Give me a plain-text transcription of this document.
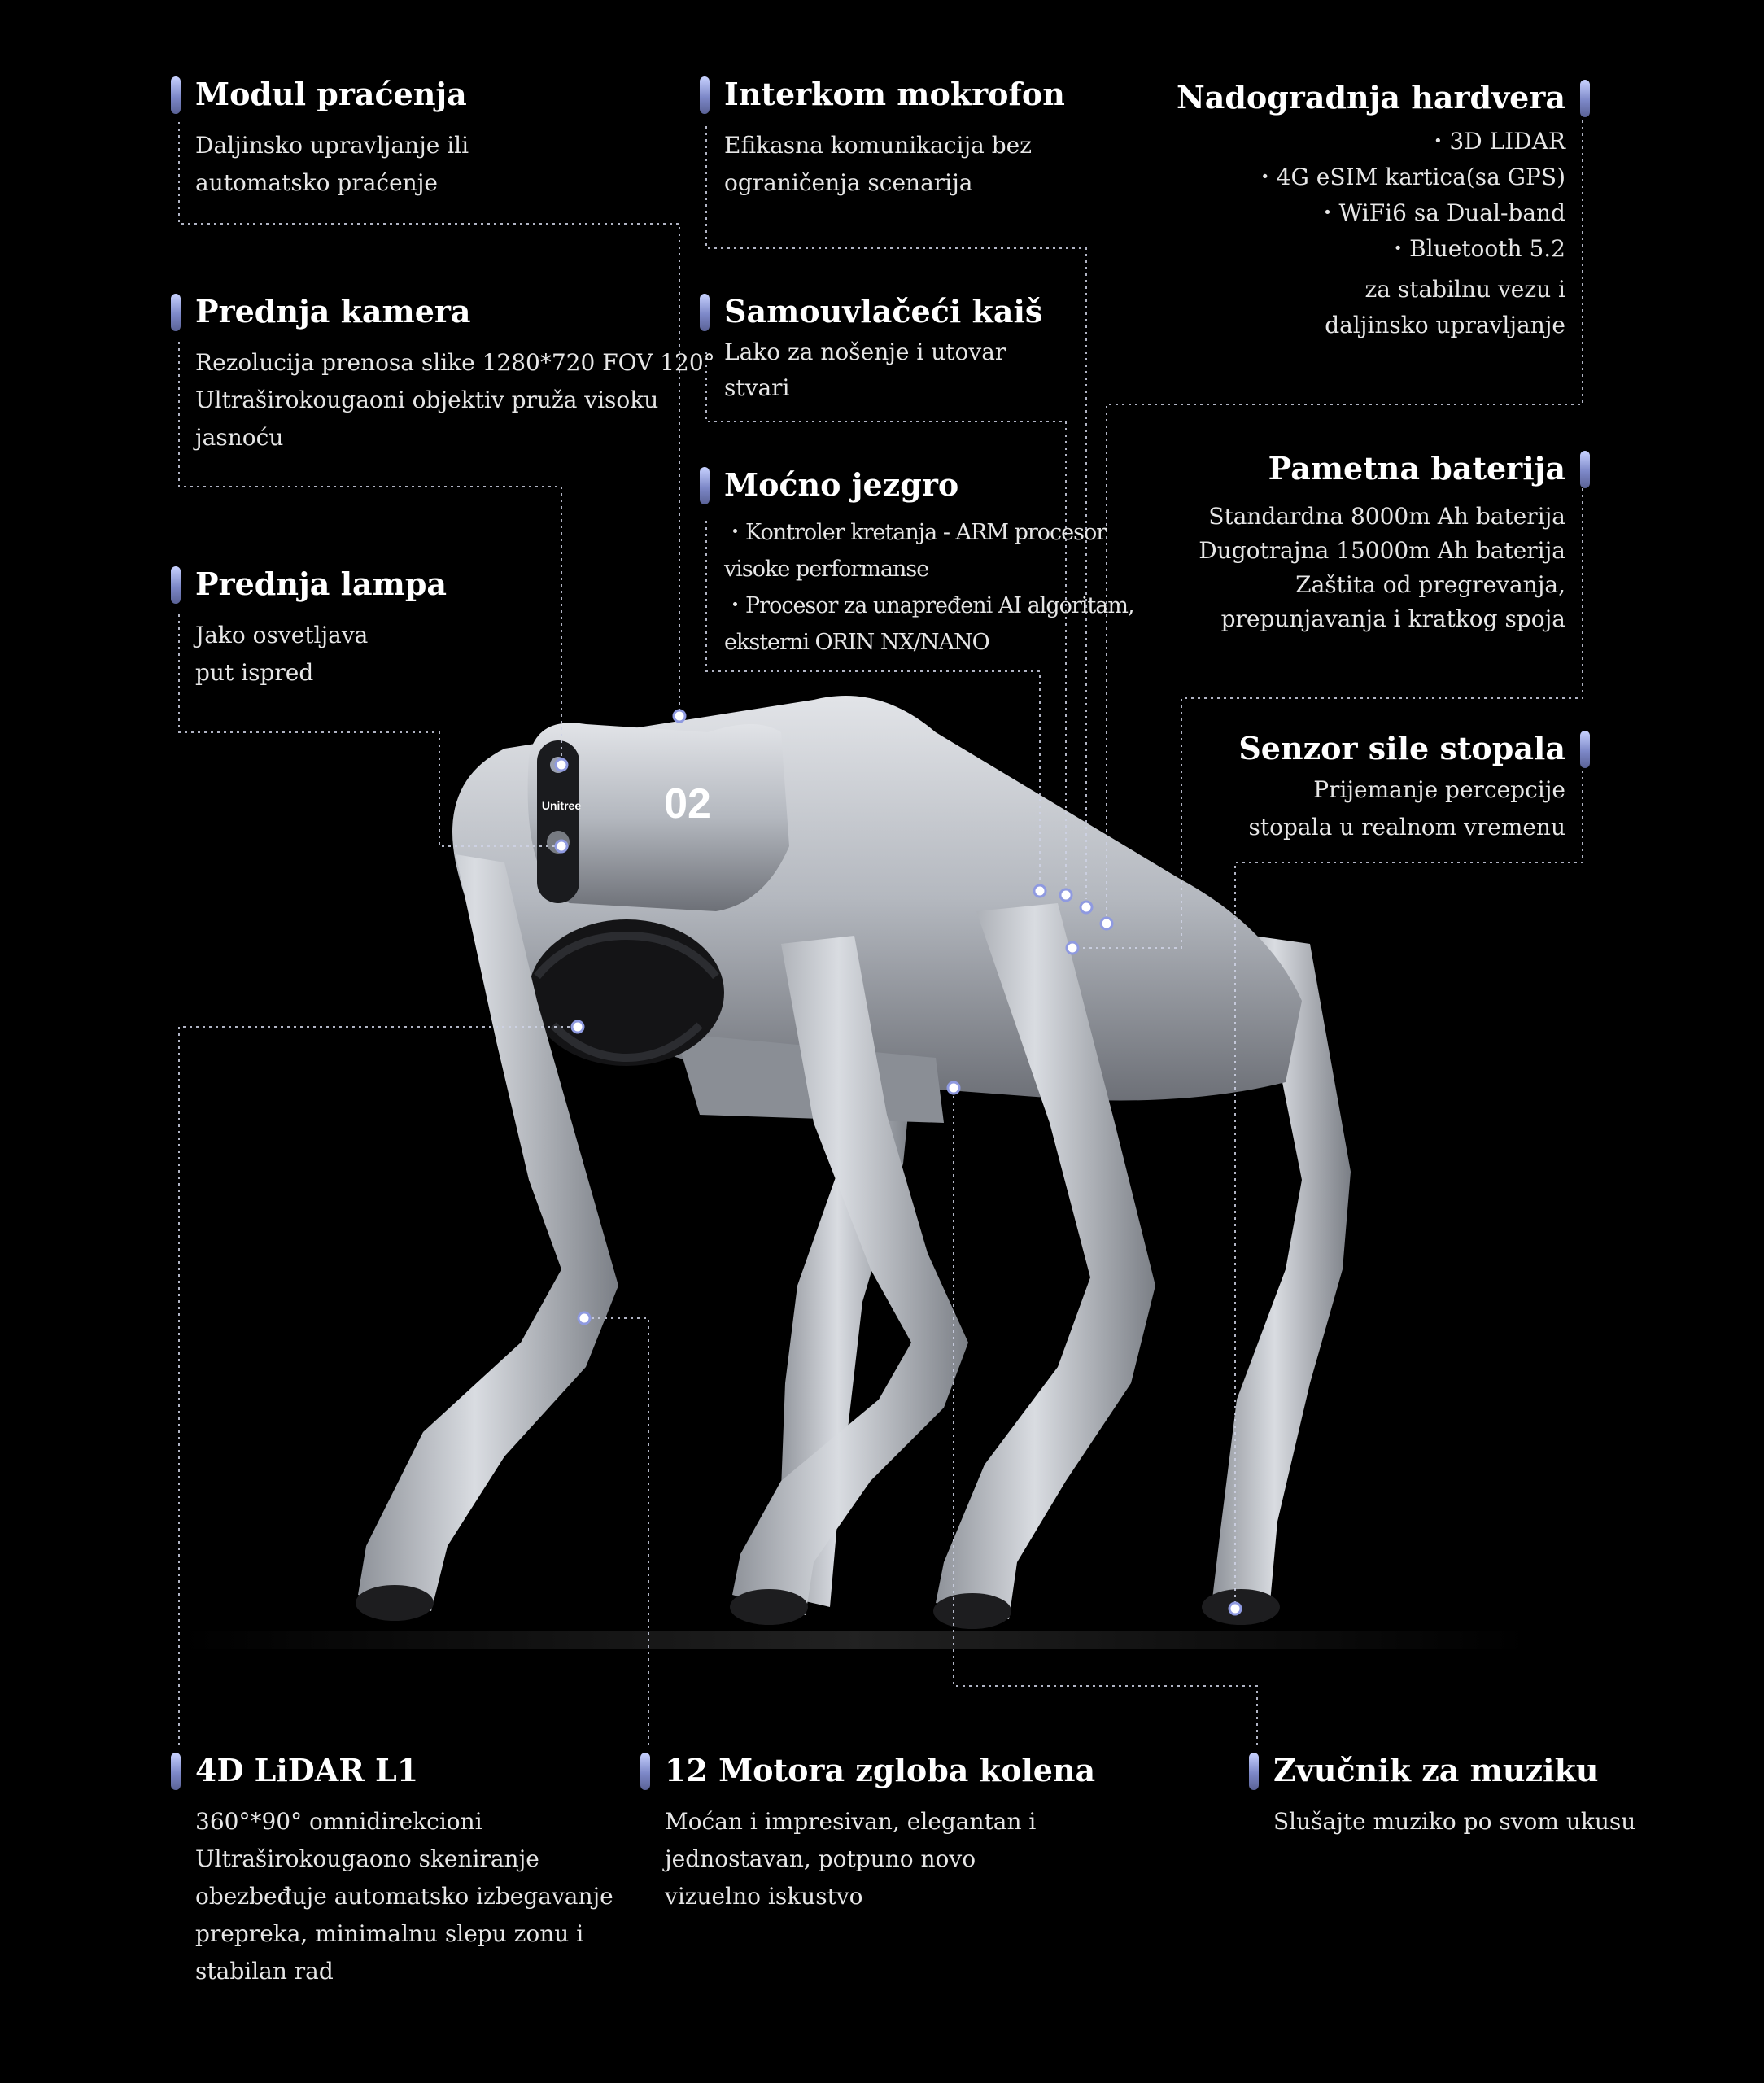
Unitree 02
Modul praćenja
Daljinsko upravljanje ili
automatsko praćenje
Prednja kamera
Rezolucija prenosa slike 1280*720 FOV 120°
Ultraširokougaoni objektiv pruža visoku
jasnoću
Prednja lampa
Jako osvetljava
put ispred
Interkom mokrofon
Efikasna komunikacija bez
ograničenja scenarija
Samouvlačeći kaiš
Lako za nošenje i utovar
stvari
Moćno jezgro
・Kontroler kretanja - ARM procesor
visoke performanse
・Procesor za unapređeni AI algoritam,
eksterni ORIN NX/NANO
Nadogradnja hardvera
・3D LIDAR
・4G eSIM kartica(sa GPS)
・WiFi6 sa Dual-band
・Bluetooth 5.2
za stabilnu vezu i
daljinsko upravljanje
Pametna baterija
Standardna 8000m Ah baterija
Dugotrajna 15000m Ah baterija
Zaštita od pregrevanja,
prepunjavanja i kratkog spoja
Senzor sile stopala
Prijemanje percepcije
stopala u realnom vremenu
4D LiDAR L1
360°*90° omnidirekcioni
Ultraširokougaono skeniranje
obezbeđuje automatsko izbegavanje
prepreka, minimalnu slepu zonu i
stabilan rad
12 Motora zgloba kolena
Moćan i impresivan, elegantan i
jednostavan, potpuno novo
vizuelno iskustvo
Zvučnik za muziku
Slušajte muziko po svom ukusu
